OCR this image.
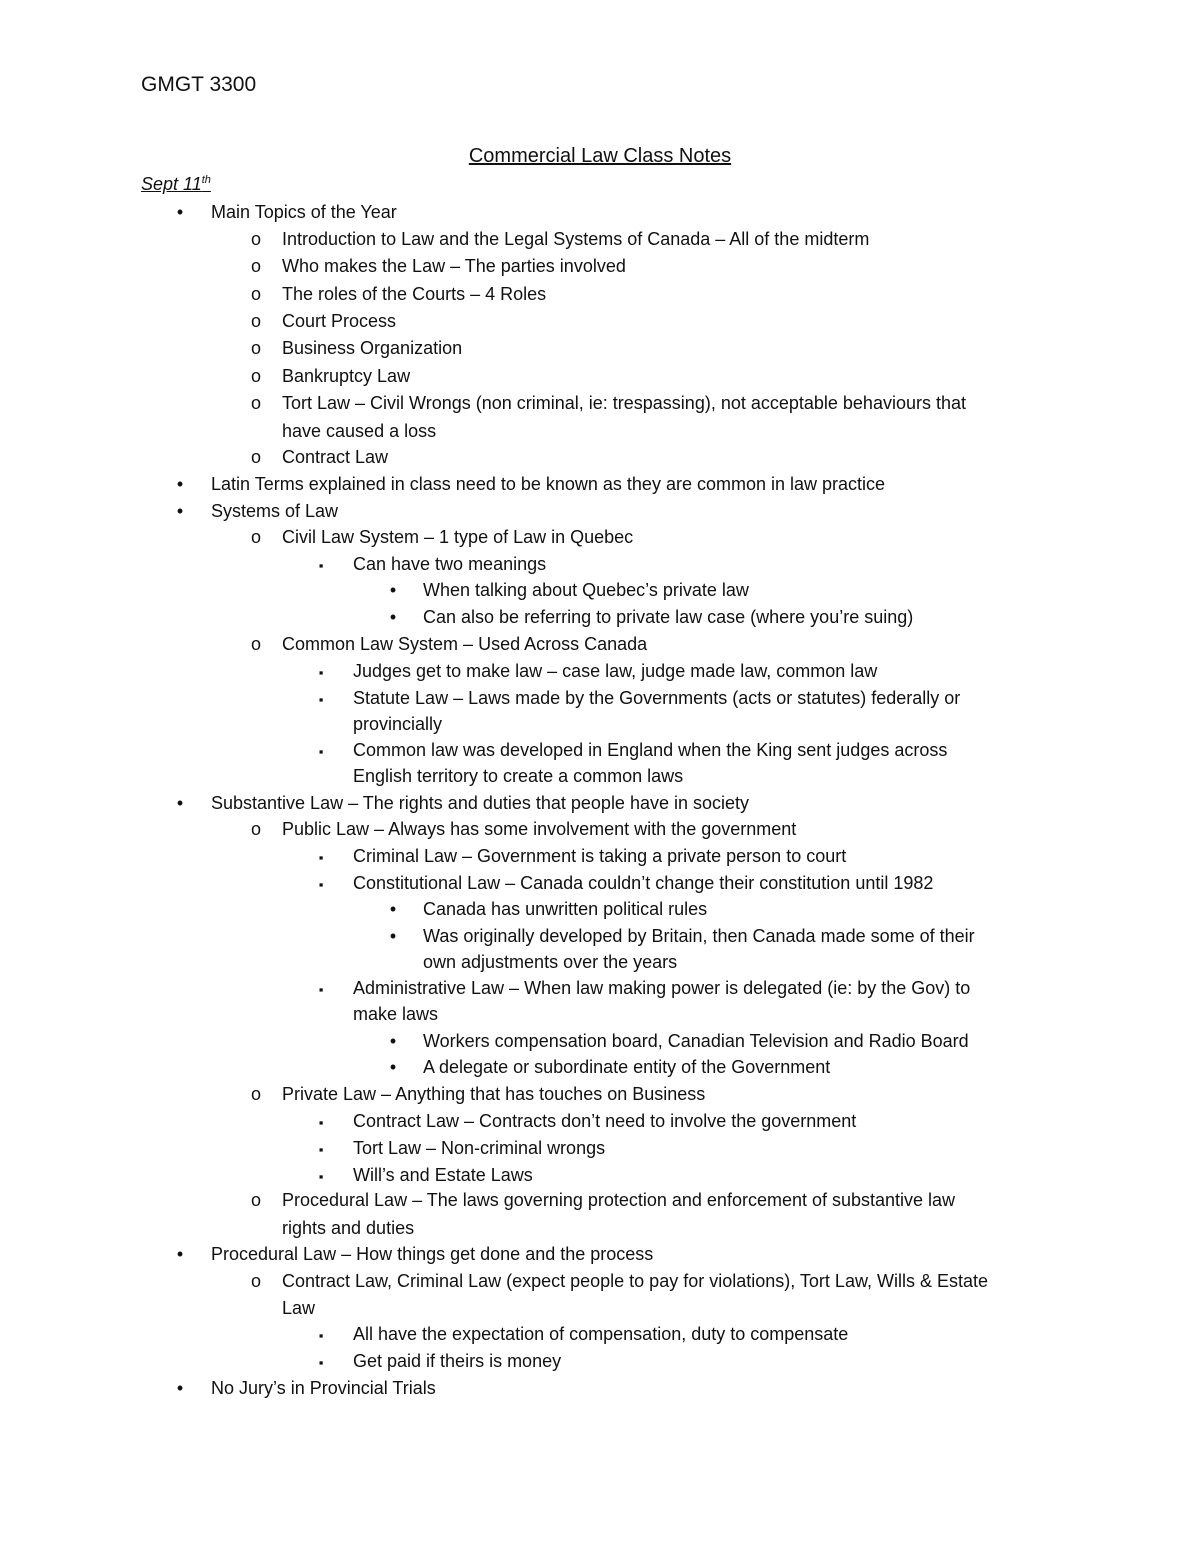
GMGT 3300
Commercial Law Class Notes
Sept 11th
•
Main Topics of the Year
o
Introduction to Law and the Legal Systems of Canada – All of the midterm
o
Who makes the Law – The parties involved
o
The roles of the Courts – 4 Roles
o
Court Process
o
Business Organization
o
Bankruptcy Law
o
Tort Law – Civil Wrongs (non criminal, ie: trespassing), not acceptable behaviours that
have caused a loss
o
Contract Law
•
Latin Terms explained in class need to be known as they are common in law practice
•
Systems of Law
o
Civil Law System – 1 type of Law in Quebec
▪
Can have two meanings
•
When talking about Quebec’s private law
•
Can also be referring to private law case (where you’re suing)
o
Common Law System – Used Across Canada
▪
Judges get to make law – case law, judge made law, common law
▪
Statute Law – Laws made by the Governments (acts or statutes) federally or
provincially
▪
Common law was developed in England when the King sent judges across
English territory to create a common laws
•
Substantive Law – The rights and duties that people have in society
o
Public Law – Always has some involvement with the government
▪
Criminal Law – Government is taking a private person to court
▪
Constitutional Law – Canada couldn’t change their constitution until 1982
•
Canada has unwritten political rules
•
Was originally developed by Britain, then Canada made some of their
own adjustments over the years
▪
Administrative Law – When law making power is delegated (ie: by the Gov) to
make laws
•
Workers compensation board, Canadian Television and Radio Board
•
A delegate or subordinate entity of the Government
o
Private Law – Anything that has touches on Business
▪
Contract Law – Contracts don’t need to involve the government
▪
Tort Law – Non-criminal wrongs
▪
Will’s and Estate Laws
o
Procedural Law – The laws governing protection and enforcement of substantive law
rights and duties
•
Procedural Law – How things get done and the process
o
Contract Law, Criminal Law (expect people to pay for violations), Tort Law, Wills & Estate
Law
▪
All have the expectation of compensation, duty to compensate
▪
Get paid if theirs is money
•
No Jury’s in Provincial Trials
